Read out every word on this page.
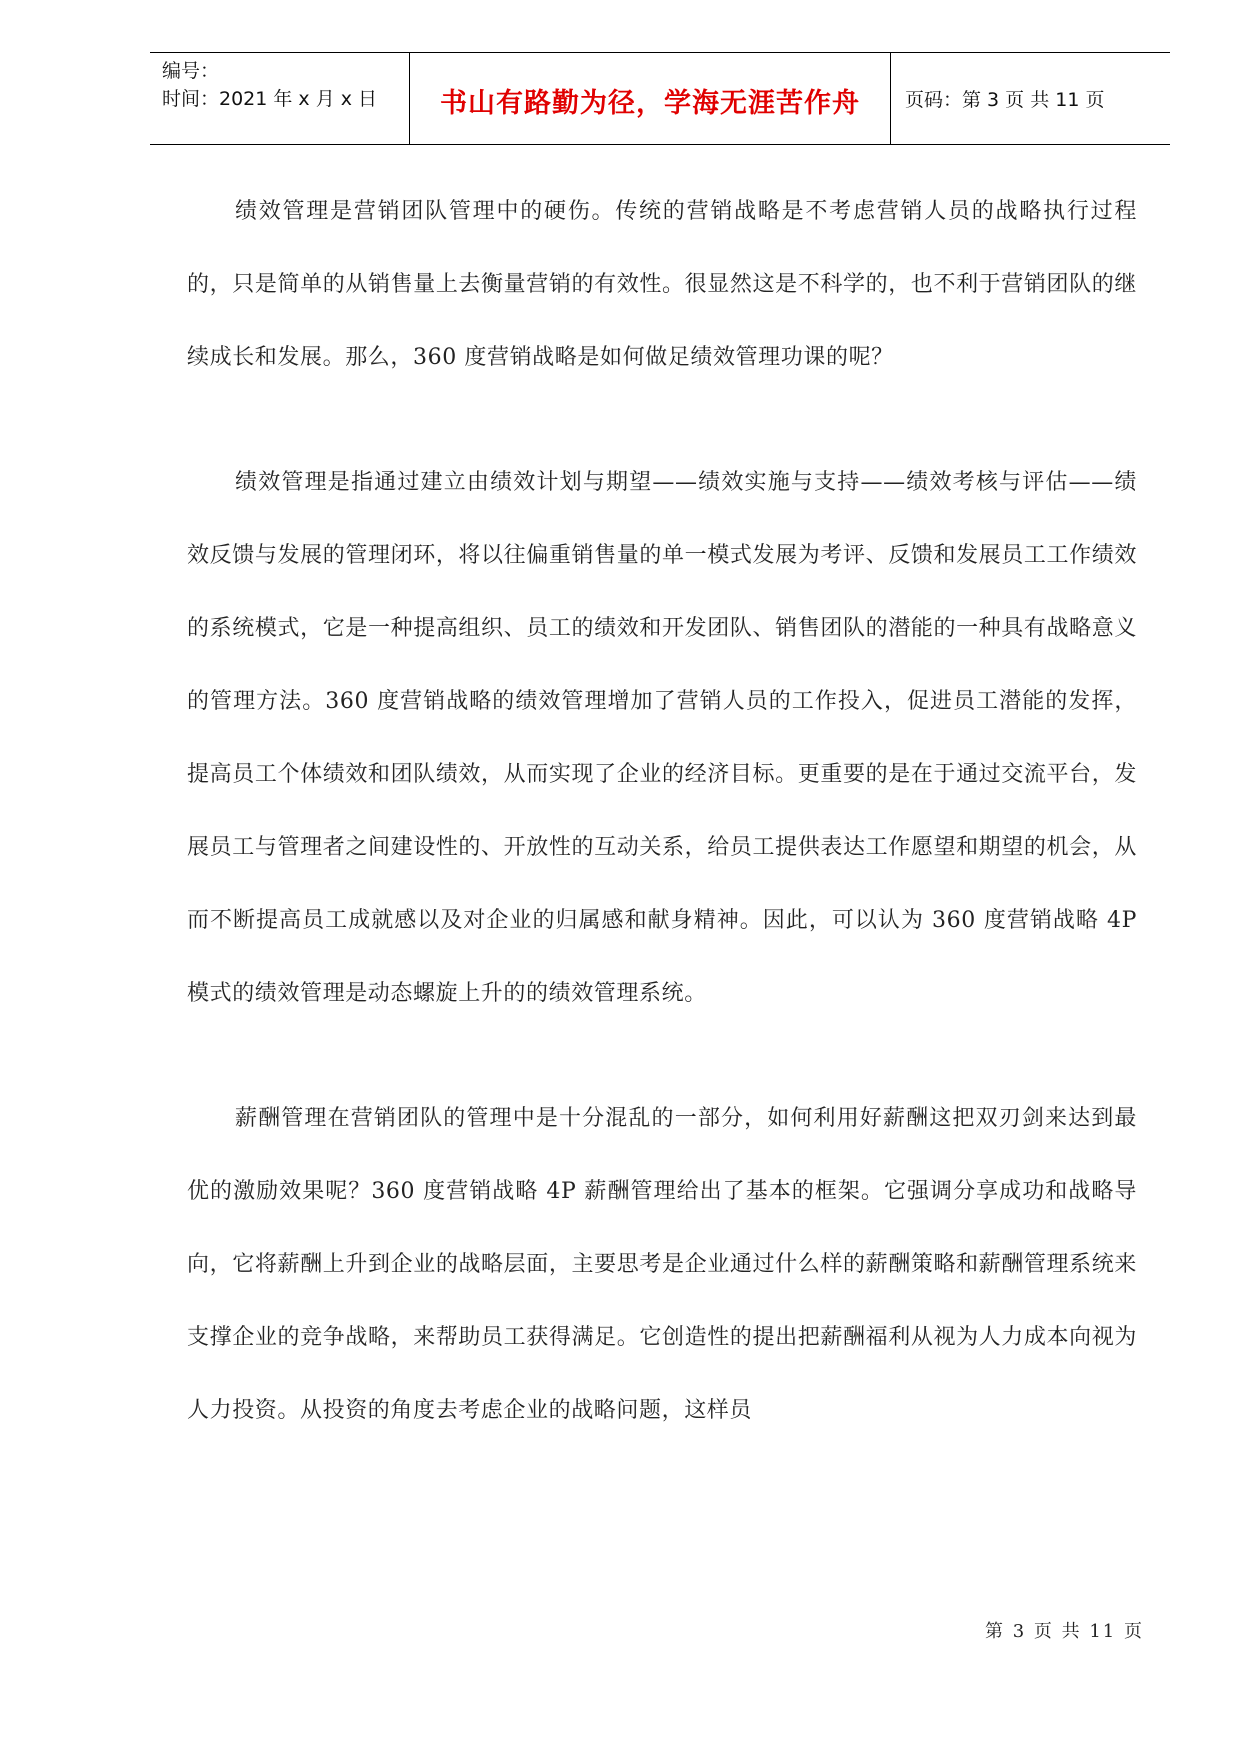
编号：
时间：2021 年 x 月 x 日	书山有路勤为径，学海无涯苦作舟	页码：第 3 页 共 11 页

绩效管理是营销团队管理中的硬伤。传统的营销战略是不考虑营销人员的战略执行过程的，只是简单的从销售量上去衡量营销的有效性。很显然这是不科学的，也不利于营销团队的继续成长和发展。那么，360 度营销战略是如何做足绩效管理功课的呢？

绩效管理是指通过建立由绩效计划与期望——绩效实施与支持——绩效考核与评估——绩效反馈与发展的管理闭环，将以往偏重销售量的单一模式发展为考评、反馈和发展员工工作绩效的系统模式，它是一种提高组织、员工的绩效和开发团队、销售团队的潜能的一种具有战略意义的管理方法。360 度营销战略的绩效管理增加了营销人员的工作投入，促进员工潜能的发挥，提高员工个体绩效和团队绩效，从而实现了企业的经济目标。更重要的是在于通过交流平台，发展员工与管理者之间建设性的、开放性的互动关系，给员工提供表达工作愿望和期望的机会，从而不断提高员工成就感以及对企业的归属感和献身精神。因此，可以认为 360 度营销战略 4P 模式的绩效管理是动态螺旋上升的的绩效管理系统。

薪酬管理在营销团队的管理中是十分混乱的一部分，如何利用好薪酬这把双刃剑来达到最优的激励效果呢？360 度营销战略 4P 薪酬管理给出了基本的框架。它强调分享成功和战略导向，它将薪酬上升到企业的战略层面，主要思考是企业通过什么样的薪酬策略和薪酬管理系统来支撑企业的竞争战略，来帮助员工获得满足。它创造性的提出把薪酬福利从视为人力成本向视为人力投资。从投资的角度去考虑企业的战略问题，这样员

第 3 页 共 11 页
